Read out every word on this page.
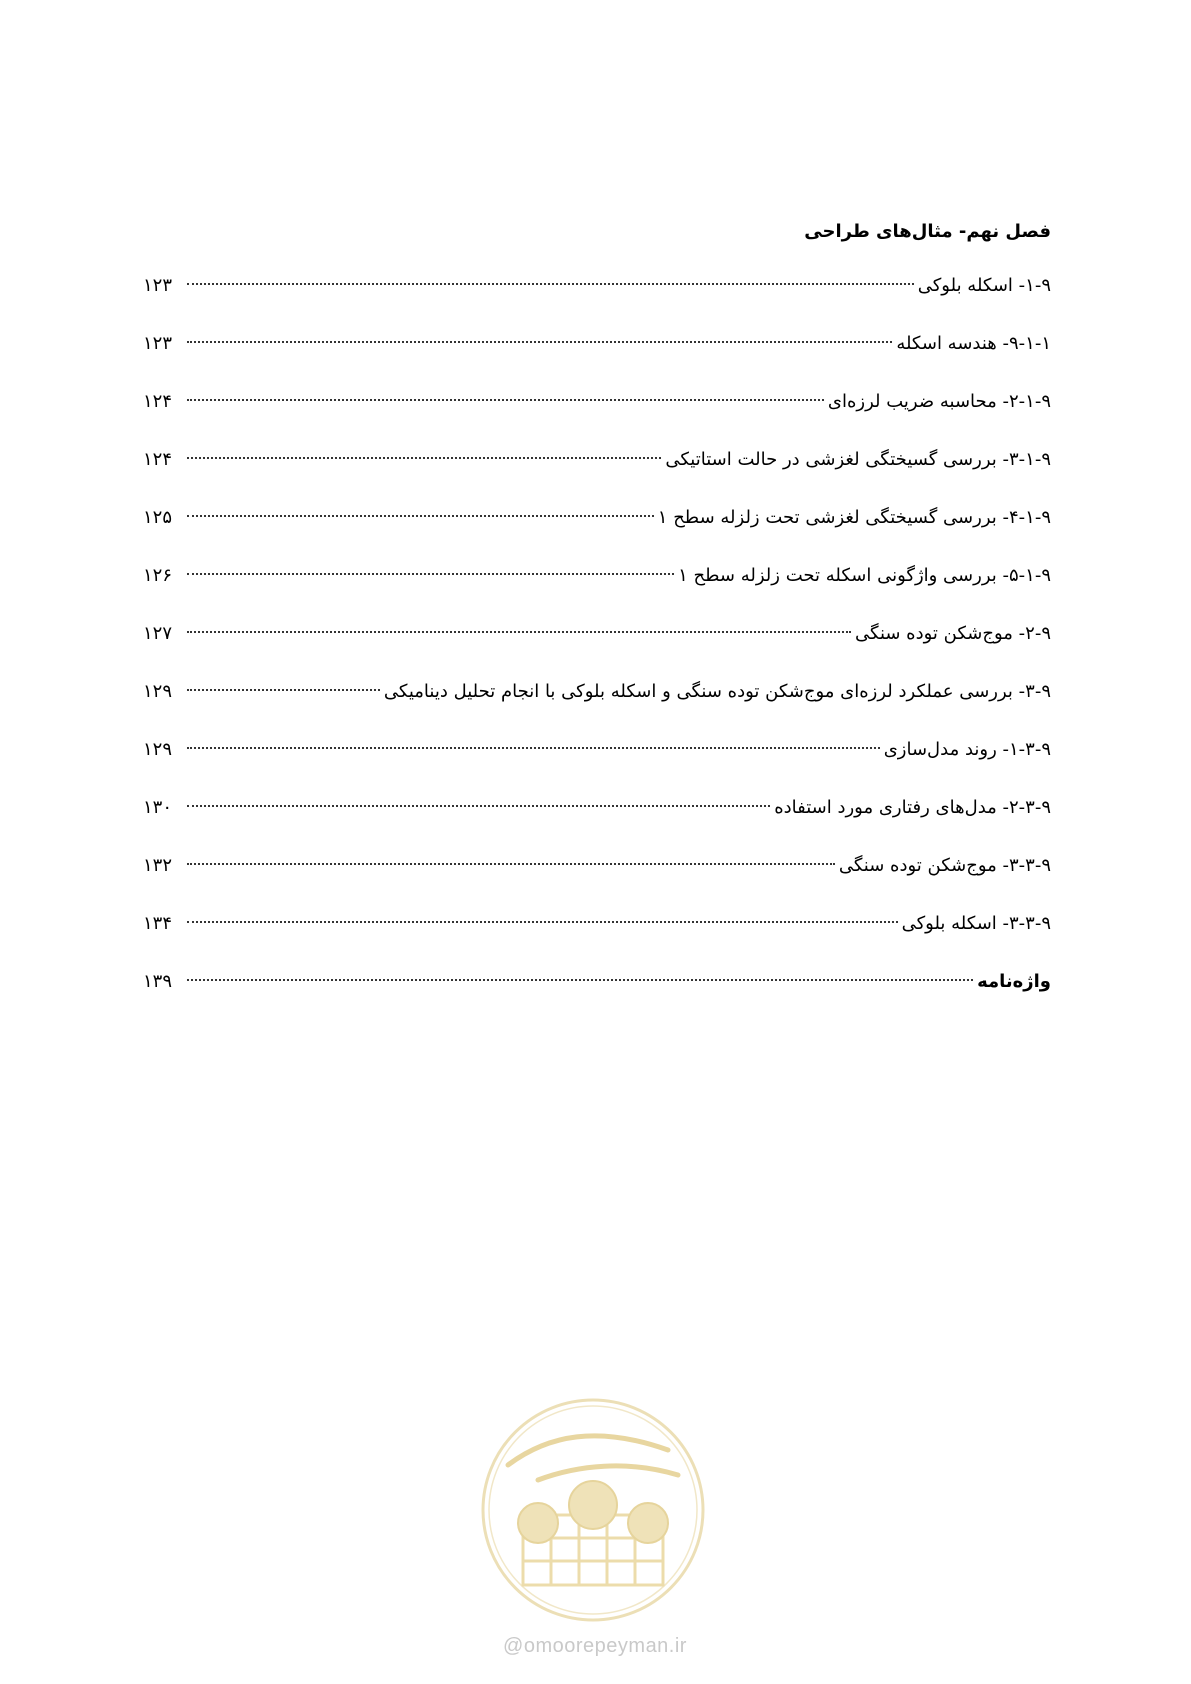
فصل نهم- مثال‌های طراحی
۱-۹- اسکله بلوکی
۱۲۳
۹-۱-۱- هندسه اسکله
۱۲۳
۲-۱-۹- محاسبه ضریب لرزه‌ای
۱۲۴
۳-۱-۹- بررسی گسیختگی لغزشی در حالت استاتیکی
۱۲۴
۴-۱-۹- بررسی گسیختگی لغزشی تحت زلزله سطح ۱
۱۲۵
۵-۱-۹- بررسی واژگونی اسکله تحت زلزله سطح ۱
۱۲۶
۲-۹- موج‌شکن توده سنگی
۱۲۷
۳-۹- بررسی عملکرد لرزه‌ای موج‌شکن توده سنگی و اسکله بلوکی با انجام تحلیل دینامیکی
۱۲۹
۱-۳-۹- روند مدل‌سازی
۱۲۹
۲-۳-۹- مدل‌های رفتاری مورد استفاده
۱۳۰
۳-۳-۹- موج‌شکن توده سنگی
۱۳۲
۳-۳-۹- اسکله بلوکی
۱۳۴
واژه‌نامه
۱۳۹
@omoorepeyman.ir
